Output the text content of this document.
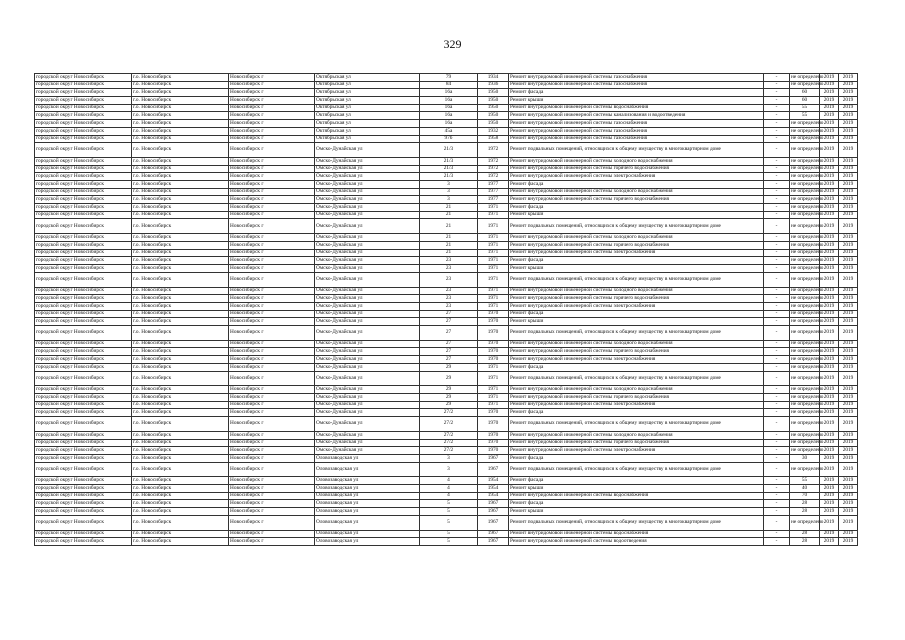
329
городской округ Новосибирск	г.о. Новосибирск	Новосибирск г	Октябрьская ул	79	1934	Ремонт внутридомовой инженерной системы газоснабжения	-	не определено	2019	2019
городской округ Новосибирск	г.о. Новосибирск	Новосибирск г	Октябрьская ул	84	1936	Ремонт внутридомовой инженерной системы газоснабжения	-	не определено	2019	2019
городской округ Новосибирск	г.о. Новосибирск	Новосибирск г	Октябрьская ул	16а	1950	Ремонт фасада	-	60	2019	2019
городской округ Новосибирск	г.о. Новосибирск	Новосибирск г	Октябрьская ул	16а	1950	Ремонт крыши	-	60	2019	2019
городской округ Новосибирск	г.о. Новосибирск	Новосибирск г	Октябрьская ул	16а	1950	Ремонт внутридомовой инженерной системы водоснабжения	-	55	2019	2019
городской округ Новосибирск	г.о. Новосибирск	Новосибирск г	Октябрьская ул	16а	1950	Ремонт внутридомовой инженерной системы канализования и водоотведения	-	55	2019	2019
городской округ Новосибирск	г.о. Новосибирск	Новосибирск г	Октябрьская ул	16а	1950	Ремонт внутридомовой инженерной системы газоснабжения	-	не определено	2019	2019
городской округ Новосибирск	г.о. Новосибирск	Новосибирск г	Октябрьская ул	45а	1932	Ремонт внутридомовой инженерной системы газоснабжения	-	не определено	2019	2019
городской округ Новосибирск	г.о. Новосибирск	Новосибирск г	Октябрьская ул	97б	1958	Ремонт внутридомовой инженерной системы газоснабжения	-	не определено	2019	2019
городской округ Новосибирск	г.о. Новосибирск	Новосибирск г	Омско-Дунайская ул	21/3	1972	Ремонт подвальных помещений, относящихся к общему имуществу в многоквартирном доме	-	не определено	2019	2019
городской округ Новосибирск	г.о. Новосибирск	Новосибирск г	Омско-Дунайская ул	21/3	1972	Ремонт внутридомовой инженерной системы холодного водоснабжения	-	не определено	2019	2019
городской округ Новосибирск	г.о. Новосибирск	Новосибирск г	Омско-Дунайская ул	21/3	1972	Ремонт внутридомовой инженерной системы горячего водоснабжения	-	не определено	2019	2019
городской округ Новосибирск	г.о. Новосибирск	Новосибирск г	Омско-Дунайская ул	21/3	1972	Ремонт внутридомовой инженерной системы электроснабжения	-	не определено	2019	2019
городской округ Новосибирск	г.о. Новосибирск	Новосибирск г	Омско-Дунайская ул	3	1977	Ремонт фасада	-	не определено	2019	2019
городской округ Новосибирск	г.о. Новосибирск	Новосибирск г	Омско-Дунайская ул	3	1977	Ремонт внутридомовой инженерной системы холодного водоснабжения	-	не определено	2019	2019
городской округ Новосибирск	г.о. Новосибирск	Новосибирск г	Омско-Дунайская ул	3	1977	Ремонт внутридомовой инженерной системы горячего водоснабжения	-	не определено	2019	2019
городской округ Новосибирск	г.о. Новосибирск	Новосибирск г	Омско-Дунайская ул	21	1971	Ремонт фасада	-	не определено	2019	2019
городской округ Новосибирск	г.о. Новосибирск	Новосибирск г	Омско-Дунайская ул	21	1971	Ремонт крыши	-	не определено	2019	2019
городской округ Новосибирск	г.о. Новосибирск	Новосибирск г	Омско-Дунайская ул	21	1971	Ремонт подвальных помещений, относящихся к общему имуществу в многоквартирном доме	-	не определено	2019	2019
городской округ Новосибирск	г.о. Новосибирск	Новосибирск г	Омско-Дунайская ул	21	1971	Ремонт внутридомовой инженерной системы холодного водоснабжения	-	не определено	2019	2019
городской округ Новосибирск	г.о. Новосибирск	Новосибирск г	Омско-Дунайская ул	21	1971	Ремонт внутридомовой инженерной системы горячего водоснабжения	-	не определено	2019	2019
городской округ Новосибирск	г.о. Новосибирск	Новосибирск г	Омско-Дунайская ул	21	1971	Ремонт внутридомовой инженерной системы электроснабжения	-	не определено	2019	2019
городской округ Новосибирск	г.о. Новосибирск	Новосибирск г	Омско-Дунайская ул	23	1971	Ремонт фасада	-	не определено	2019	2019
городской округ Новосибирск	г.о. Новосибирск	Новосибирск г	Омско-Дунайская ул	23	1971	Ремонт крыши	-	не определено	2019	2019
городской округ Новосибирск	г.о. Новосибирск	Новосибирск г	Омско-Дунайская ул	23	1971	Ремонт подвальных помещений, относящихся к общему имуществу в многоквартирном доме	-	не определено	2019	2019
городской округ Новосибирск	г.о. Новосибирск	Новосибирск г	Омско-Дунайская ул	23	1971	Ремонт внутридомовой инженерной системы холодного водоснабжения	-	не определено	2019	2019
городской округ Новосибирск	г.о. Новосибирск	Новосибирск г	Омско-Дунайская ул	23	1971	Ремонт внутридомовой инженерной системы горячего водоснабжения	-	не определено	2019	2019
городской округ Новосибирск	г.о. Новосибирск	Новосибирск г	Омско-Дунайская ул	23	1971	Ремонт внутридомовой инженерной системы электроснабжения	-	не определено	2019	2019
городской округ Новосибирск	г.о. Новосибирск	Новосибирск г	Омско-Дунайская ул	27	1970	Ремонт фасада	-	не определено	2019	2019
городской округ Новосибирск	г.о. Новосибирск	Новосибирск г	Омско-Дунайская ул	27	1970	Ремонт крыши	-	не определено	2019	2019
городской округ Новосибирск	г.о. Новосибирск	Новосибирск г	Омско-Дунайская ул	27	1970	Ремонт подвальных помещений, относящихся к общему имуществу в многоквартирном доме	-	не определено	2019	2019
городской округ Новосибирск	г.о. Новосибирск	Новосибирск г	Омско-Дунайская ул	27	1970	Ремонт внутридомовой инженерной системы холодного водоснабжения	-	не определено	2019	2019
городской округ Новосибирск	г.о. Новосибирск	Новосибирск г	Омско-Дунайская ул	27	1970	Ремонт внутридомовой инженерной системы горячего водоснабжения	-	не определено	2019	2019
городской округ Новосибирск	г.о. Новосибирск	Новосибирск г	Омско-Дунайская ул	27	1970	Ремонт внутридомовой инженерной системы электроснабжения	-	не определено	2019	2019
городской округ Новосибирск	г.о. Новосибирск	Новосибирск г	Омско-Дунайская ул	29	1971	Ремонт фасада	-	не определено	2019	2019
городской округ Новосибирск	г.о. Новосибирск	Новосибирск г	Омско-Дунайская ул	29	1971	Ремонт подвальных помещений, относящихся к общему имуществу в многоквартирном доме	-	не определено	2019	2019
городской округ Новосибирск	г.о. Новосибирск	Новосибирск г	Омско-Дунайская ул	29	1971	Ремонт внутридомовой инженерной системы холодного водоснабжения	-	не определено	2019	2019
городской округ Новосибирск	г.о. Новосибирск	Новосибирск г	Омско-Дунайская ул	29	1971	Ремонт внутридомовой инженерной системы горячего водоснабжения	-	не определено	2019	2019
городской округ Новосибирск	г.о. Новосибирск	Новосибирск г	Омско-Дунайская ул	29	1971	Ремонт внутридомовой инженерной системы электроснабжения	-	не определено	2019	2019
городской округ Новосибирск	г.о. Новосибирск	Новосибирск г	Омско-Дунайская ул	27/2	1970	Ремонт фасада	-	не определено	2019	2019
городской округ Новосибирск	г.о. Новосибирск	Новосибирск г	Омско-Дунайская ул	27/2	1970	Ремонт подвальных помещений, относящихся к общему имуществу в многоквартирном доме	-	не определено	2019	2019
городской округ Новосибирск	г.о. Новосибирск	Новосибирск г	Омско-Дунайская ул	27/2	1970	Ремонт внутридомовой инженерной системы холодного водоснабжения	-	не определено	2019	2019
городской округ Новосибирск	г.о. Новосибирск	Новосибирск г	Омско-Дунайская ул	27/2	1970	Ремонт внутридомовой инженерной системы горячего водоснабжения	-	не определено	2019	2019
городской округ Новосибирск	г.о. Новосибирск	Новосибирск г	Омско-Дунайская ул	27/2	1970	Ремонт внутридомовой инженерной системы электроснабжения	-	не определено	2019	2019
городской округ Новосибирск	г.о. Новосибирск	Новосибирск г	Оловозаводская ул	3	1967	Ремонт фасада	-	30	2019	2019
городской округ Новосибирск	г.о. Новосибирск	Новосибирск г	Оловозаводская ул	3	1967	Ремонт подвальных помещений, относящихся к общему имуществу в многоквартирном доме	-	не определено	2019	2019
городской округ Новосибирск	г.о. Новосибирск	Новосибирск г	Оловозаводская ул	4	1954	Ремонт фасада	-	55	2019	2019
городской округ Новосибирск	г.о. Новосибирск	Новосибирск г	Оловозаводская ул	4	1954	Ремонт крыши	-	40	2019	2019
городской округ Новосибирск	г.о. Новосибирск	Новосибирск г	Оловозаводская ул	4	1954	Ремонт внутридомовой инженерной системы водоснабжения	-	70	2019	2019
городской округ Новосибирск	г.о. Новосибирск	Новосибирск г	Оловозаводская ул	5	1967	Ремонт фасада	-	28	2019	2019
городской округ Новосибирск	г.о. Новосибирск	Новосибирск г	Оловозаводская ул	5	1967	Ремонт крыши	-	28	2019	2019
городской округ Новосибирск	г.о. Новосибирск	Новосибирск г	Оловозаводская ул	5	1967	Ремонт подвальных помещений, относящихся к общему имуществу в многоквартирном доме	-	не определено	2019	2019
городской округ Новосибирск	г.о. Новосибирск	Новосибирск г	Оловозаводская ул	5	1967	Ремонт внутридомовой инженерной системы водоснабжения	-	28	2019	2019
городской округ Новосибирск	г.о. Новосибирск	Новосибирск г	Оловозаводская ул	5	1967	Ремонт внутридомовой инженерной системы водоотведения	-	28	2019	2019
